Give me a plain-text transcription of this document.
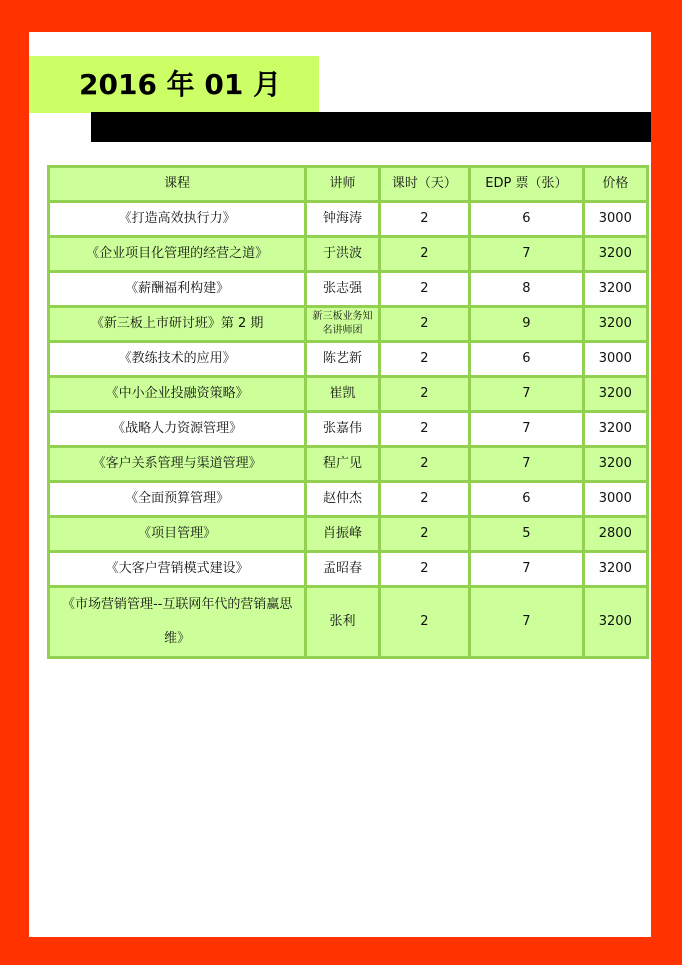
2016 年 01 月
课程	讲师	课时（天）	EDP 票（张）	价格
《打造高效执行力》	钟海涛	2	6	3000
《企业项目化管理的经营之道》	于洪波	2	7	3200
《薪酬福利构建》	张志强	2	8	3200
《新三板上市研讨班》第 2 期	新三板业务知名讲师团	2	9	3200
《教练技术的应用》	陈艺新	2	6	3000
《中小企业投融资策略》	崔凯	2	7	3200
《战略人力资源管理》	张嘉伟	2	7	3200
《客户关系管理与渠道管理》	程广见	2	7	3200
《全面预算管理》	赵仲杰	2	6	3000
《项目管理》	肖振峰	2	5	2800
《大客户营销模式建设》	孟昭春	2	7	3200
《市场营销管理--互联网年代的营销赢思维》	张利	2	7	3200
